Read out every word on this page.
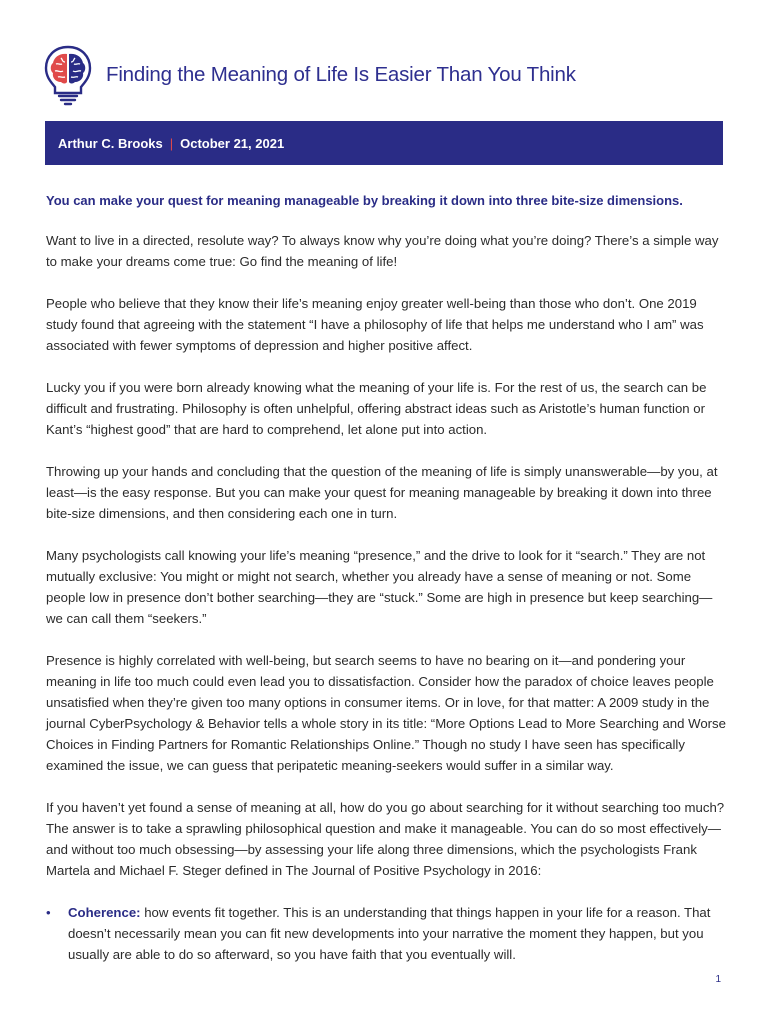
Finding the Meaning of Life Is Easier Than You Think
Arthur C. Brooks | October 21, 2021

You can make your quest for meaning manageable by breaking it down into three bite-size dimensions.

Want to live in a directed, resolute way? To always know why you’re doing what you’re doing? There’s a simple way to make your dreams come true: Go find the meaning of life!

People who believe that they know their life’s meaning enjoy greater well-being than those who don’t. One 2019 study found that agreeing with the statement “I have a philosophy of life that helps me understand who I am” was associated with fewer symptoms of depression and higher positive affect.

Lucky you if you were born already knowing what the meaning of your life is. For the rest of us, the search can be difficult and frustrating. Philosophy is often unhelpful, offering abstract ideas such as Aristotle’s human function or Kant’s “highest good” that are hard to comprehend, let alone put into action.

Throwing up your hands and concluding that the question of the meaning of life is simply unanswerable—by you, at least—is the easy response. But you can make your quest for meaning manageable by breaking it down into three bite-size dimensions, and then considering each one in turn.

Many psychologists call knowing your life’s meaning “presence,” and the drive to look for it “search.” They are not mutually exclusive: You might or might not search, whether you already have a sense of meaning or not. Some people low in presence don’t bother searching—they are “stuck.” Some are high in presence but keep searching—we can call them “seekers.”

Presence is highly correlated with well-being, but search seems to have no bearing on it—and pondering your meaning in life too much could even lead you to dissatisfaction. Consider how the paradox of choice leaves people unsatisfied when they’re given too many options in consumer items. Or in love, for that matter: A 2009 study in the journal CyberPsychology & Behavior tells a whole story in its title: “More Options Lead to More Searching and Worse Choices in Finding Partners for Romantic Relationships Online.” Though no study I have seen has specifically examined the issue, we can guess that peripatetic meaning-seekers would suffer in a similar way.

If you haven’t yet found a sense of meaning at all, how do you go about searching for it without searching too much? The answer is to take a sprawling philosophical question and make it manageable. You can do so most effectively—and without too much obsessing—by assessing your life along three dimensions, which the psychologists Frank Martela and Michael F. Steger defined in The Journal of Positive Psychology in 2016:

• Coherence: how events fit together. This is an understanding that things happen in your life for a reason. That doesn’t necessarily mean you can fit new developments into your narrative the moment they happen, but you usually are able to do so afterward, so you have faith that you eventually will.
1
